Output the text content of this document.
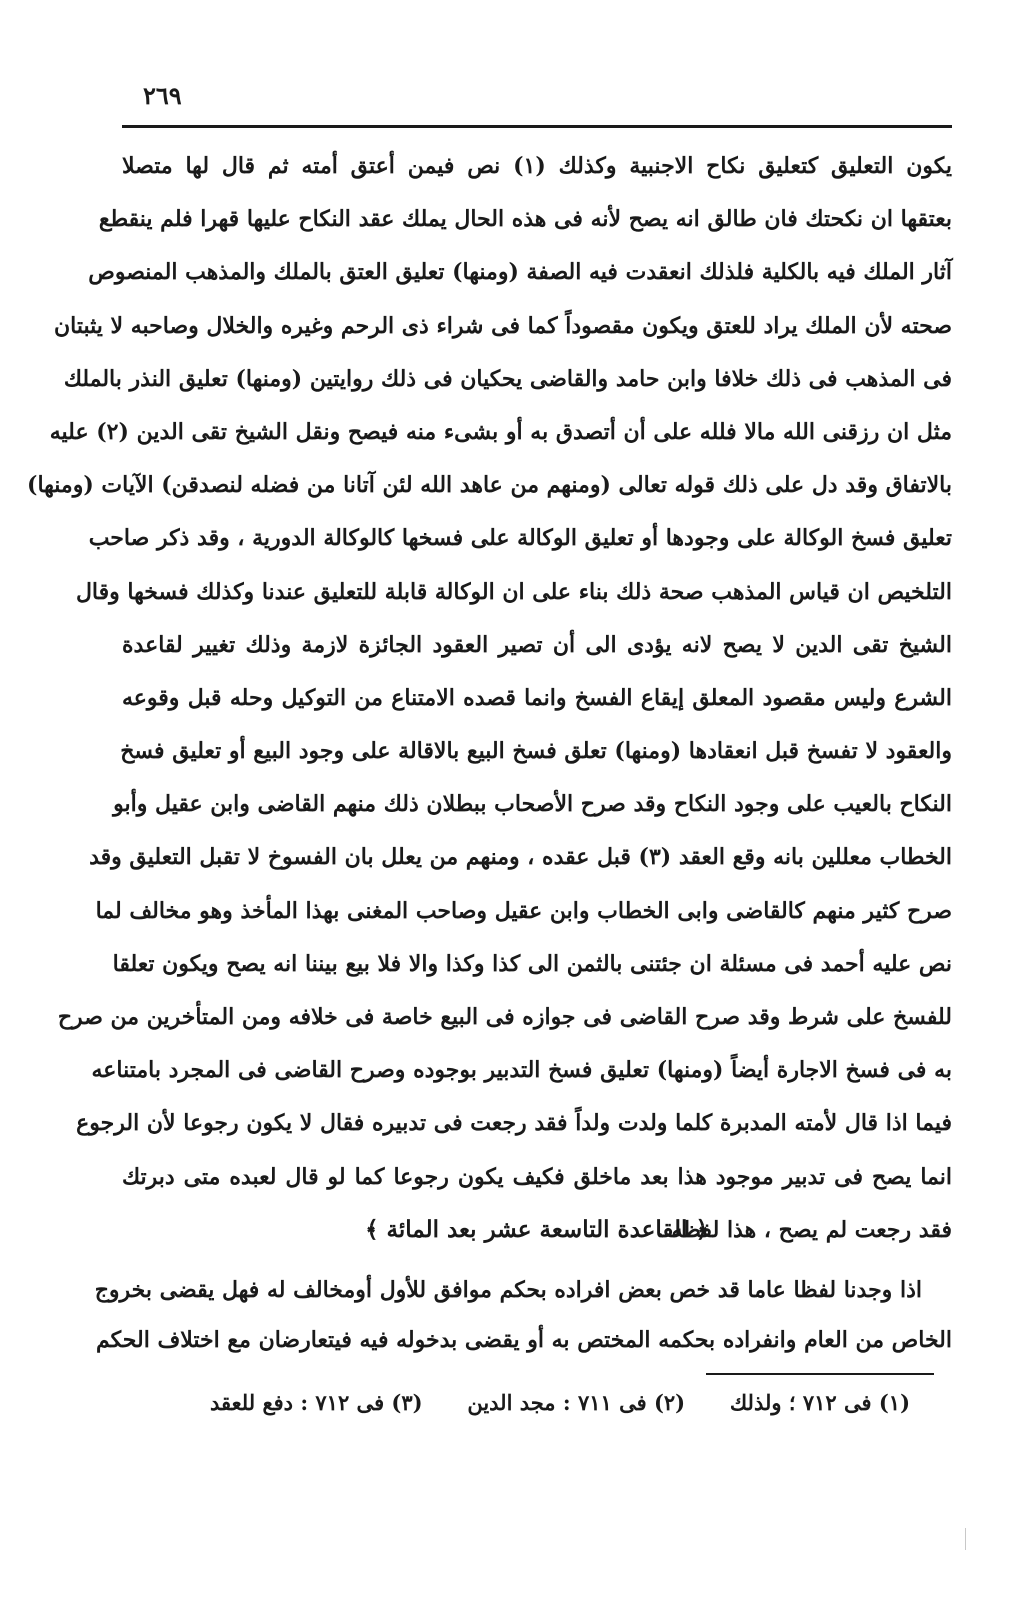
٢٦٩
يكون التعليق كتعليق نكاح الاجنبية وكذلك (١) نص فيمن أعتق أمته ثم قال لها متصلا
بعتقها ان نكحتك فان طالق انه يصح لأنه فى هذه الحال يملك عقد النكاح عليها قهرا فلم ينقطع
آثار الملك فيه بالكلية فلذلك انعقدت فيه الصفة (ومنها) تعليق العتق بالملك والمذهب المنصوص
صحته لأن الملك يراد للعتق ويكون مقصوداً كما فى شراء ذى الرحم وغيره والخلال وصاحبه لا يثبتان
فى المذهب فى ذلك خلافا وابن حامد والقاضى يحكيان فى ذلك روايتين (ومنها) تعليق النذر بالملك
مثل ان رزقنى الله مالا فلله على أن أتصدق به أو بشىء منه فيصح ونقل الشيخ تقى الدين (٢) عليه
بالاتفاق وقد دل على ذلك قوله تعالى (ومنهم من عاهد الله لئن آتانا من فضله لنصدقن) الآيات (ومنها)
تعليق فسخ الوكالة على وجودها أو تعليق الوكالة على فسخها كالوكالة الدورية ، وقد ذكر صاحب
التلخيص ان قياس المذهب صحة ذلك بناء على ان الوكالة قابلة للتعليق عندنا وكذلك فسخها وقال
الشيخ تقى الدين لا يصح لانه يؤدى الى أن تصير العقود الجائزة لازمة وذلك تغيير لقاعدة
الشرع وليس مقصود المعلق إيقاع الفسخ وانما قصده الامتناع من التوكيل وحله قبل وقوعه
والعقود لا تفسخ قبل انعقادها (ومنها) تعلق فسخ البيع بالاقالة على وجود البيع أو تعليق فسخ
النكاح بالعيب على وجود النكاح وقد صرح الأصحاب ببطلان ذلك منهم القاضى وابن عقيل وأبو
الخطاب معللين بانه وقع العقد (٣) قبل عقده ، ومنهم من يعلل بان الفسوخ لا تقبل التعليق وقد
صرح كثير منهم كالقاضى وابى الخطاب وابن عقيل وصاحب المغنى بهذا المأخذ وهو مخالف لما
نص عليه أحمد فى مسئلة ان جئتنى بالثمن الى كذا وكذا والا فلا بيع بيننا انه يصح ويكون تعلقا
للفسخ على شرط وقد صرح القاضى فى جوازه فى البيع خاصة فى خلافه ومن المتأخرين من صرح
به فى فسخ الاجارة أيضاً (ومنها) تعليق فسخ التدبير بوجوده وصرح القاضى فى المجرد بامتناعه
فيما اذا قال لأمته المدبرة كلما ولدت ولداً فقد رجعت فى تدبيره فقال لا يكون رجوعا لأن الرجوع
انما يصح فى تدبير موجود هذا بعد ماخلق فكيف يكون رجوعا كما لو قال لعبده متى دبرتك
فقد رجعت لم يصح ، هذا لفظه .
﴿ القاعدة التاسعة عشر بعد المائة ﴾
اذا وجدنا لفظا عاما قد خص بعض افراده بحكم موافق للأول أومخالف له فهل يقضى بخروج
الخاص من العام وانفراده بحكمه المختص به أو يقضى بدخوله فيه فيتعارضان مع اختلاف الحكم
(١) فى ٧١٢ ؛ ولذلك
(٢) فى ٧١١ : مجد الدين
(٣) فى ٧١٢ : دفع للعقد
